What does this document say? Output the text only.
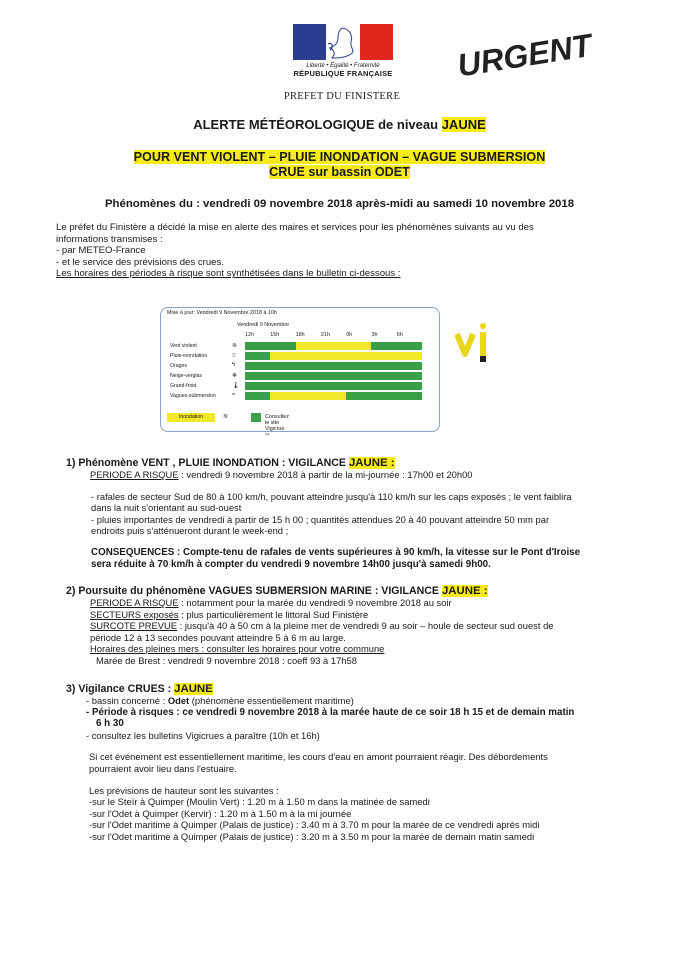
Liberté • Égalité • Fraternité
RÉPUBLIQUE FRANÇAISE
PREFET DU FINISTERE
URGENT
ALERTE MÉTÉOROLOGIQUE de niveau JAUNE
POUR VENT VIOLENT – PLUIE INONDATION – VAGUE SUBMERSION
CRUE sur bassin ODET
Phénomènes du : vendredi 09 novembre 2018 après-midi au samedi 10 novembre 2018
Le préfet du Finistère a décidé la mise en alerte des maires et services pour les phénomènes suivants au vu des
informations transmises :
- par METEO-France
- et le service des prévisions des crues.
Les horaires des périodes à risque sont synthétisées dans le bulletin ci-dessous :
Mise à jour: Vendredi 9 Novembre 2018 à 10h
Vendredi 9 Novembre
12h	15h	18h	21h	0h	3h	6h
Vent violent	≋
Pluie-inondation	⁝⁝
Orages	ϟ
Neige-verglas	❄
Grand-froid	🌡
Vagues-submersion	≈
Inondation	≋	Consultez le site Vigicrue ⇨
1) Phénomène VENT , PLUIE INONDATION : VIGILANCE JAUNE :
PERIODE A RISQUE : vendredi 9 novembre 2018 à partir de la mi-journée : 17h00 et 20h00
- rafales de secteur Sud de 80 à 100 km/h, pouvant atteindre jusqu'à 110 km/h sur les caps exposés ; le vent faiblira
dans la nuit s'orientant au sud-ouest
- pluies importantes de vendredi à partir de 15 h 00 ; quantités attendues 20 à 40 pouvant atteindre 50 mm par
endroits puis s'atténueront durant le week-end ;
CONSEQUENCES : Compte-tenu de rafales de vents supérieures à 90 km/h, la vitesse sur le Pont d'Iroise
sera réduite à 70 km/h à compter du vendredi 9 novembre 14h00 jusqu'à samedi 9h00.
2) Poursuite du phénomène VAGUES SUBMERSION MARINE : VIGILANCE JAUNE :
PERIODE A RISQUE : notamment pour la marée du vendredi 9 novembre 2018 au soir
SECTEURS exposés : plus particulièrement le littoral Sud Finistère
SURCOTE PREVUE : jusqu'à 40 à 50 cm à la pleine mer de vendredi 9 au soir – houle de secteur sud ouest de
période 12 à 13 secondes pouvant atteindre 5 à 6 m au large.
Horaires des pleines mers : consulter les horaires pour votre commune
Marée de Brest : vendredi 9 novembre 2018 : coeff 93 à 17h58
3) Vigilance CRUES : JAUNE
- bassin concerné : Odet (phénomène essentiellement maritime)
- Période à risques : ce vendredi 9 novembre 2018 à la marée haute de ce soir 18 h 15 et de demain matin
6 h 30
- consultez les bulletins Vigicrues à paraître (10h et 16h)
Si cet événement est essentiellement maritime, les cours d'eau en amont pourraient réagir. Des débordements
pourraient avoir lieu dans l'estuaire.
Les prévisions de hauteur sont les suivantes :
-sur le Steïr à Quimper (Moulin Vert) : 1.20 m à 1.50 m dans la matinée de samedi
-sur l'Odet à Quimper (Kervir) : 1.20 m à 1.50 m à la mi journée
-sur l'Odet maritime à Quimper (Palais de justice) : 3.40 m à 3.70 m pour la marée de ce vendredi après midi
-sur l'Odet maritime à Quimper (Palais de justice) : 3.20 m à 3.50 m pour la marée de demain matin samedi
